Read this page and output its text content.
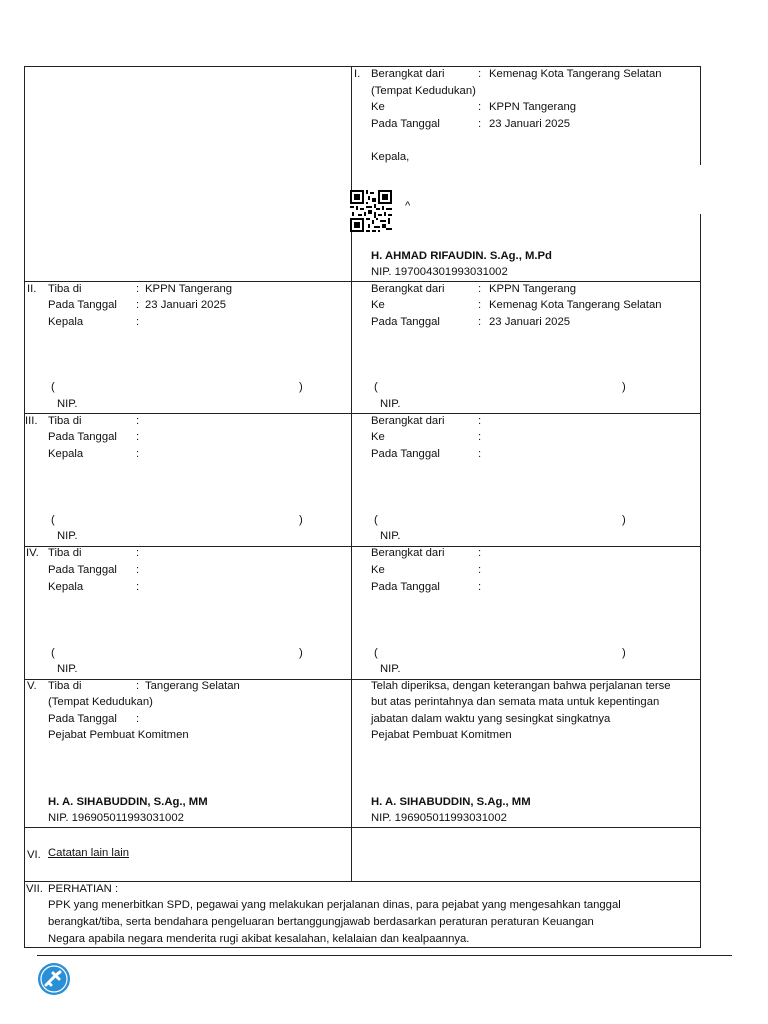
I. Berangkat dari	: Kemenag Kota Tangerang Selatan
(Tempat Kedudukan)
Ke	: KPPN Tangerang
Pada Tanggal	: 23 Januari 2025
Kepala,
^
H. AHMAD RIFAUDIN. S.Ag., M.Pd
NIP. 197004301993031002
II. Tiba di	: KPPN Tangerang
Pada Tanggal : 23 Januari 2025
Kepala	:
(	)
NIP.
Berangkat dari	: KPPN Tangerang
Ke	: Kemenag Kota Tangerang Selatan
Pada Tanggal	: 23 Januari 2025
(	)
NIP.
III. Tiba di	:
Pada Tanggal :
Kepala	:
(	)
NIP.
Berangkat dari	:
Ke	:
Pada Tanggal	:
(	)
NIP.
IV. Tiba di	:
Pada Tanggal :
Kepala	:
(	)
NIP.
Berangkat dari	:
Ke	:
Pada Tanggal	:
(	)
NIP.
V. Tiba di	: Tangerang Selatan
(Tempat Kedudukan)
Pada Tanggal :
Pejabat Pembuat Komitmen
H. A. SIHABUDDIN, S.Ag., MM
NIP. 196905011993031002
Telah diperiksa, dengan keterangan bahwa perjalanan terse
but atas perintahnya dan semata mata untuk kepentingan
jabatan dalam waktu yang sesingkat singkatnya
Pejabat Pembuat Komitmen
H. A. SIHABUDDIN, S.Ag., MM
NIP. 196905011993031002
VI. Catatan lain lain
VII. PERHATIAN :
PPK yang menerbitkan SPD, pegawai yang melakukan perjalanan dinas, para pejabat yang mengesahkan tanggal
berangkat/tiba, serta bendahara pengeluaran bertanggungjawab berdasarkan peraturan peraturan Keuangan
Negara apabila negara menderita rugi akibat kesalahan, kelalaian dan kealpaannya.
